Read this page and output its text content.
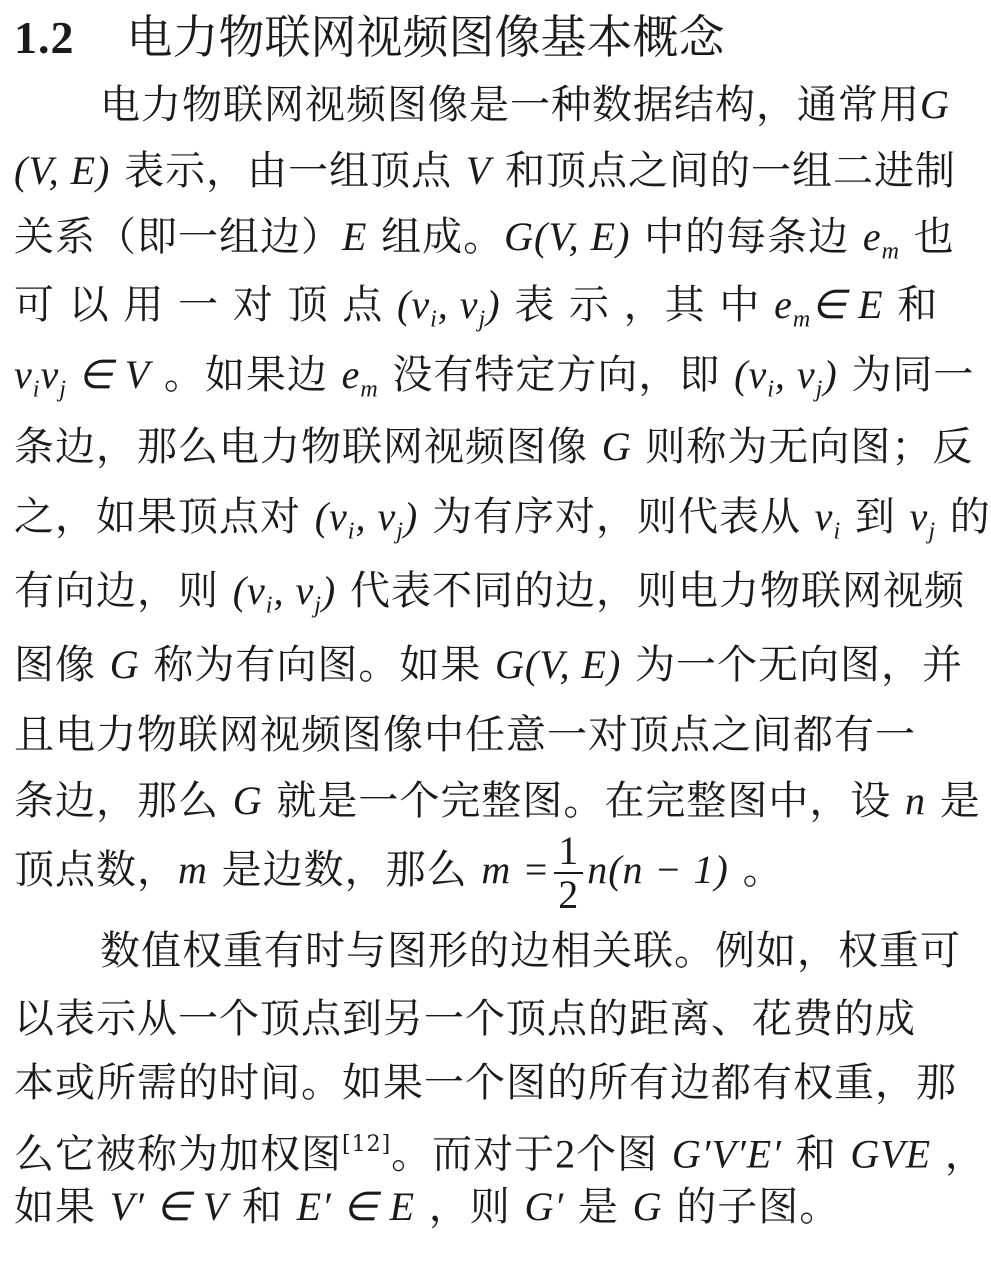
1.2 电力物联网视频图像基本概念
电力物联网视频图像是一种数据结构，通常用G
(V, E) 表示，由一组顶点 V 和顶点之间的一组二进制
关系（即一组边）E 组成。G(V, E) 中的每条边 $e_m$ 也
可 以 用 一 对 顶 点 ($v_i$, $v_j$) 表 示 ，其 中 $e_m\in$ E 和
$v_iv_j$ ∈ V 。如果边 $e_m$ 没有特定方向，即 ($v_i$, $v_j$) 为同一
条边，那么电力物联网视频图像 G 则称为无向图；反
之，如果顶点对 ($v_i$, $v_j$) 为有序对，则代表从 $v_i$ 到 $v_j$ 的
有向边，则 ($v_i$, $v_j$) 代表不同的边，则电力物联网视频
图像 G 称为有向图。如果 G(V, E) 为一个无向图，并
且电力物联网视频图像中任意一对顶点之间都有一
条边，那么 G 就是一个完整图。在完整图中，设 n 是
顶点数，m 是边数，那么 $m = \frac{1}{2} n(n - 1)$ 。
数值权重有时与图形的边相关联。例如，权重可
以表示从一个顶点到另一个顶点的距离、花费的成
本或所需的时间。如果一个图的所有边都有权重，那
么它被称为加权图[12]。而对于2个图 G′V′E′ 和 GVE ，
如果 V′ ∈ V 和 E′ ∈ E ，则 G′ 是 G 的子图。
